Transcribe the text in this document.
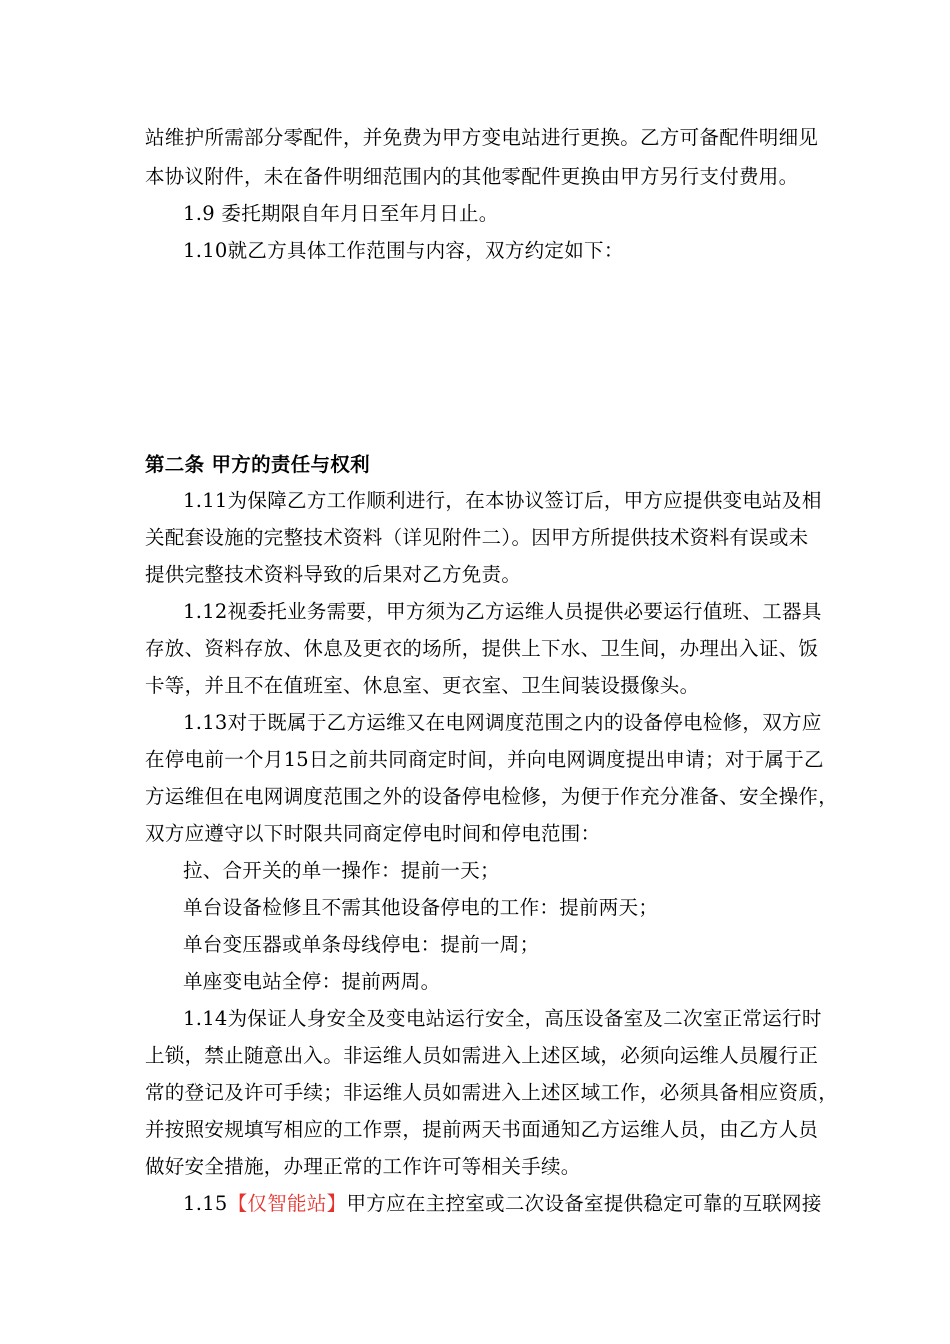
站维护所需部分零配件，并免费为甲方变电站进行更换。乙方可备配件明细见
本协议附件，未在备件明细范围内的其他零配件更换由甲方另行支付费用。
1.9 委托期限自年月日至年月日止。
1.10就乙方具体工作范围与内容，双方约定如下：
第二条 甲方的责任与权利
1.11为保障乙方工作顺利进行，在本协议签订后，甲方应提供变电站及相
关配套设施的完整技术资料（详见附件二）。因甲方所提供技术资料有误或未
提供完整技术资料导致的后果对乙方免责。
1.12视委托业务需要，甲方须为乙方运维人员提供必要运行值班、工器具
存放、资料存放、休息及更衣的场所，提供上下水、卫生间，办理出入证、饭
卡等，并且不在值班室、休息室、更衣室、卫生间装设摄像头。
1.13对于既属于乙方运维又在电网调度范围之内的设备停电检修，双方应
在停电前一个月15日之前共同商定时间，并向电网调度提出申请；对于属于乙
方运维但在电网调度范围之外的设备停电检修，为便于作充分准备、安全操作，
双方应遵守以下时限共同商定停电时间和停电范围：
拉、合开关的单一操作：提前一天；
单台设备检修且不需其他设备停电的工作：提前两天；
单台变压器或单条母线停电：提前一周；
单座变电站全停：提前两周。
1.14为保证人身安全及变电站运行安全，高压设备室及二次室正常运行时
上锁，禁止随意出入。非运维人员如需进入上述区域，必须向运维人员履行正
常的登记及许可手续；非运维人员如需进入上述区域工作，必须具备相应资质，
并按照安规填写相应的工作票，提前两天书面通知乙方运维人员，由乙方人员
做好安全措施，办理正常的工作许可等相关手续。
1.15【仅智能站】甲方应在主控室或二次设备室提供稳定可靠的互联网接
